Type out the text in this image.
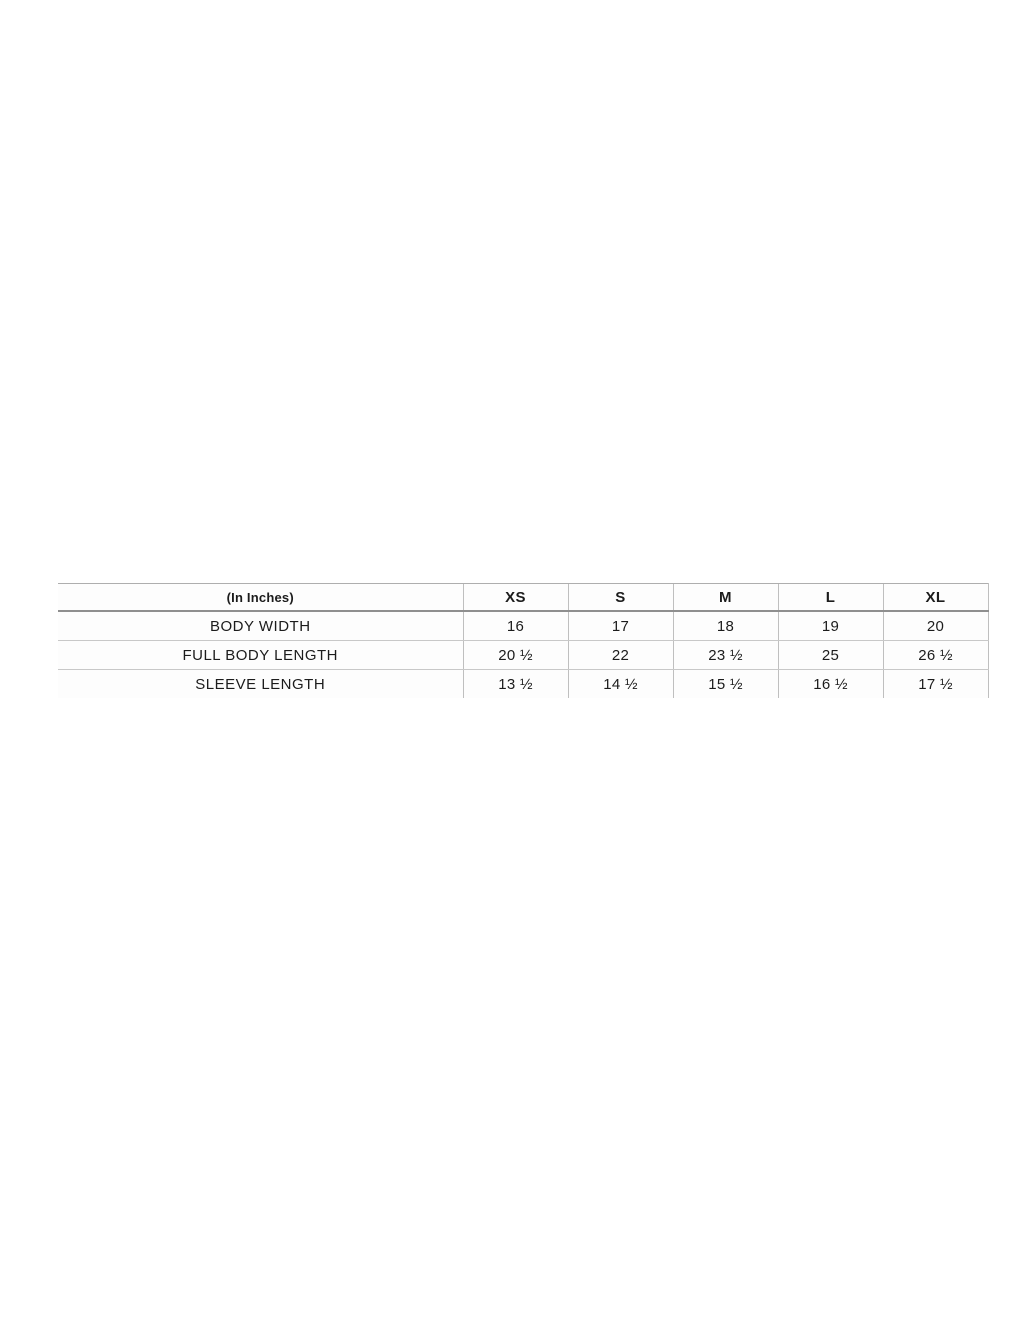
(In Inches)	XS	S	M	L	XL
BODY WIDTH	16	17	18	19	20
FULL BODY LENGTH	20 ½	22	23 ½	25	26 ½
SLEEVE LENGTH	13 ½	14 ½	15 ½	16 ½	17 ½
